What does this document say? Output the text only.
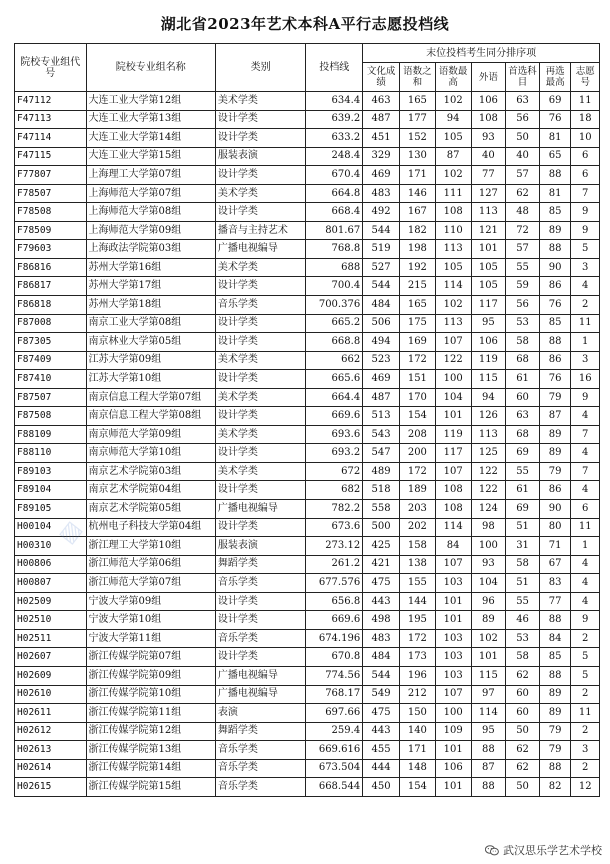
湖北省2023年艺术本科A平行志愿投档线
院校专业组代号	院校专业组名称	类别	投档线	末位投档考生同分排序项						
				文化成绩	语数之和	语数最高	外语	首选科目	再选最高	志愿号
F47112	大连工业大学第12组	美术学类	634.4	463	165	102	106	63	69	11
F47113	大连工业大学第13组	设计学类	639.2	487	177	94	108	56	76	18
F47114	大连工业大学第14组	设计学类	633.2	451	152	105	93	50	81	10
F47115	大连工业大学第15组	服装表演	248.4	329	130	87	40	40	65	6
F77807	上海理工大学第07组	设计学类	670.4	469	171	102	77	57	88	6
F78507	上海师范大学第07组	美术学类	664.8	483	146	111	127	62	81	7
F78508	上海师范大学第08组	设计学类	668.4	492	167	108	113	48	85	9
F78509	上海师范大学第09组	播音与主持艺术	801.67	544	182	110	121	72	89	9
F79603	上海政法学院第03组	广播电视编导	768.8	519	198	113	101	57	88	5
F86816	苏州大学第16组	美术学类	688	527	192	105	105	55	90	3
F86817	苏州大学第17组	设计学类	700.4	544	215	114	105	59	86	4
F86818	苏州大学第18组	音乐学类	700.376	484	165	102	117	56	76	2
F87008	南京工业大学第08组	设计学类	665.2	506	175	113	95	53	85	11
F87305	南京林业大学第05组	设计学类	668.8	494	169	107	106	58	88	1
F87409	江苏大学第09组	美术学类	662	523	172	122	119	68	86	3
F87410	江苏大学第10组	设计学类	665.6	469	151	100	115	61	76	16
F87507	南京信息工程大学第07组	美术学类	664.4	487	170	104	94	60	79	9
F87508	南京信息工程大学第08组	设计学类	669.6	513	154	101	126	63	87	4
F88109	南京师范大学第09组	美术学类	693.6	543	208	119	113	68	89	7
F88110	南京师范大学第10组	设计学类	693.2	547	200	117	125	69	89	4
F89103	南京艺术学院第03组	美术学类	672	489	172	107	122	55	79	7
F89104	南京艺术学院第04组	设计学类	682	518	189	108	122	61	86	4
F89105	南京艺术学院第05组	广播电视编导	782.2	558	203	108	124	69	90	6
H00104	杭州电子科技大学第04组	设计学类	673.6	500	202	114	98	51	80	11
H00310	浙江理工大学第10组	服装表演	273.12	425	158	84	100	31	71	1
H00806	浙江师范大学第06组	舞蹈学类	261.2	421	138	107	93	58	67	4
H00807	浙江师范大学第07组	音乐学类	677.576	475	155	103	104	51	83	4
H02509	宁波大学第09组	设计学类	656.8	443	144	101	96	55	77	4
H02510	宁波大学第10组	设计学类	669.6	498	195	101	89	46	88	9
H02511	宁波大学第11组	音乐学类	674.196	483	172	103	102	53	84	2
H02607	浙江传媒学院第07组	设计学类	670.8	484	173	103	101	58	85	5
H02609	浙江传媒学院第09组	广播电视编导	774.56	544	196	103	115	62	88	5
H02610	浙江传媒学院第10组	广播电视编导	768.17	549	212	107	97	60	89	2
H02611	浙江传媒学院第11组	表演	697.66	475	150	100	114	60	89	11
H02612	浙江传媒学院第12组	舞蹈学类	259.4	443	140	109	95	50	79	2
H02613	浙江传媒学院第13组	音乐学类	669.616	455	171	101	88	62	79	3
H02614	浙江传媒学院第14组	音乐学类	673.504	444	148	106	87	62	88	2
H02615	浙江传媒学院第15组	音乐学类	668.544	450	154	101	88	50	82	12
▨
武汉思乐学艺术学校
